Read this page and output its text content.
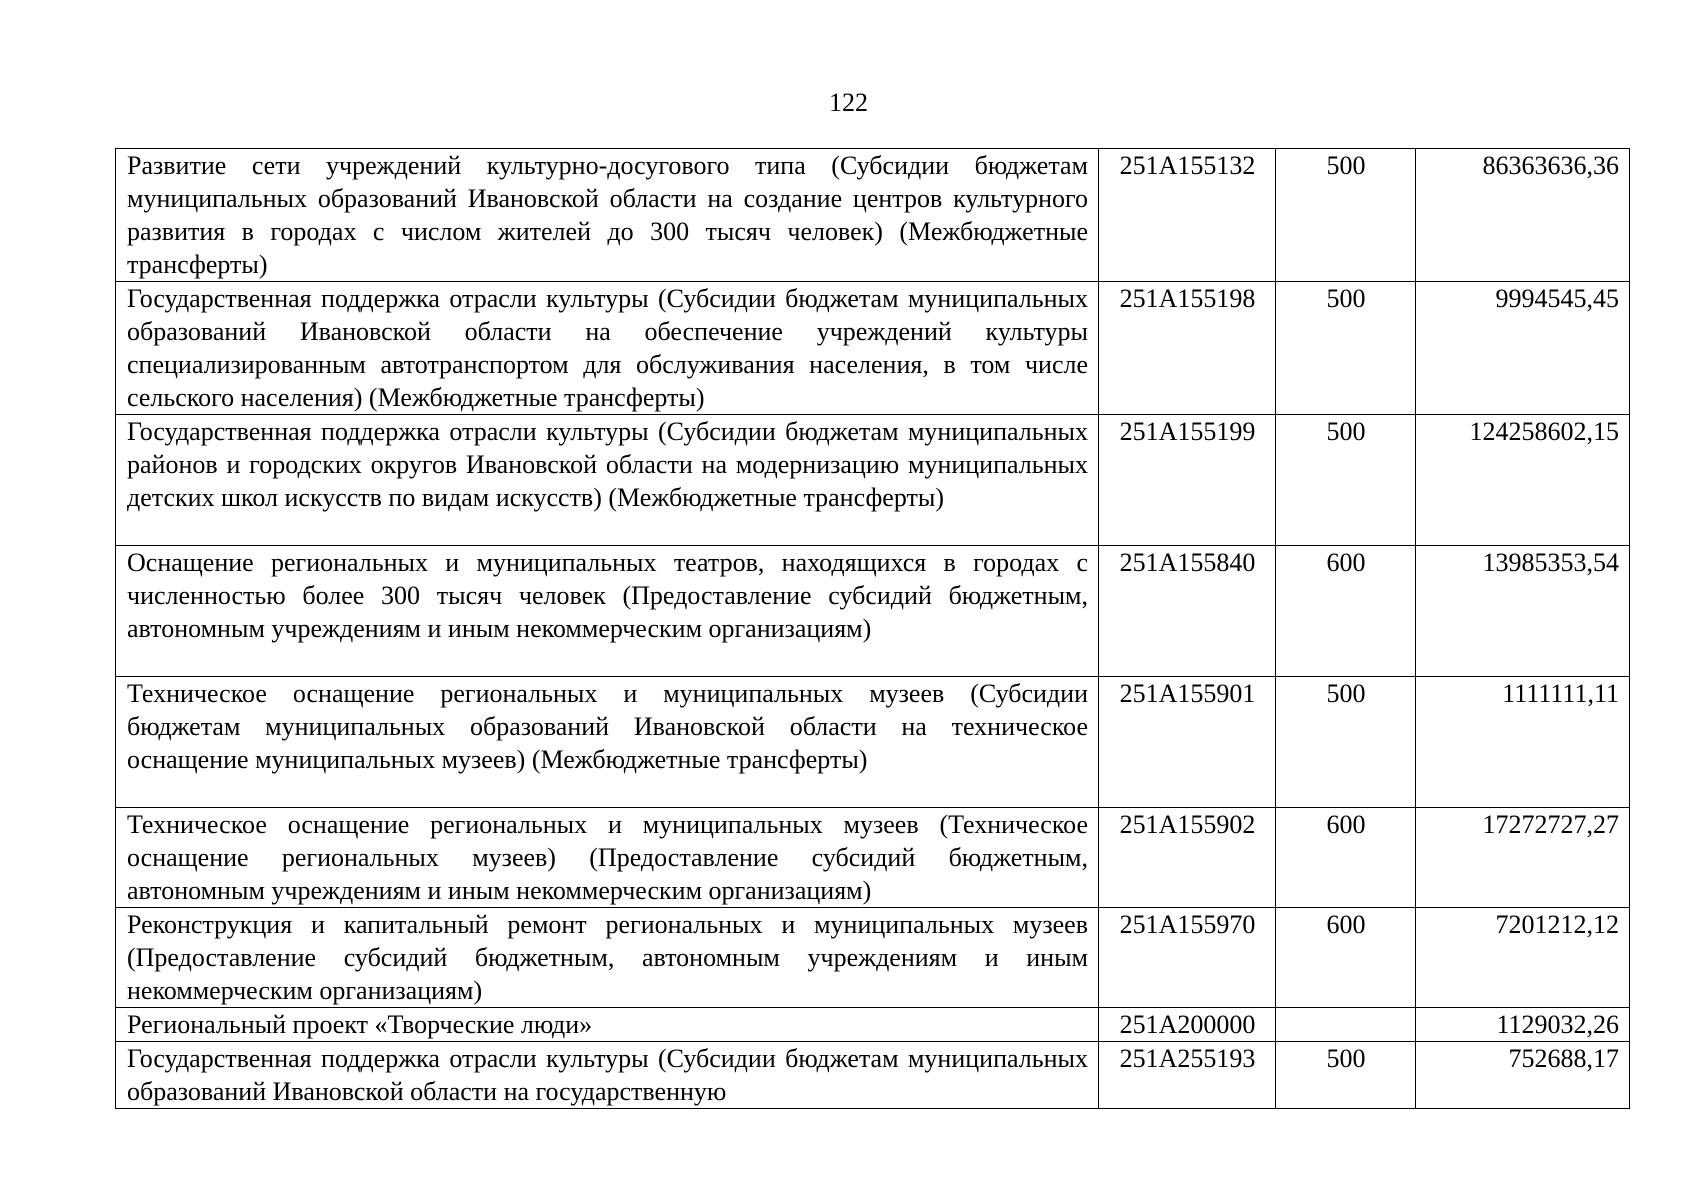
122
Развитие сети учреждений культурно-досугового типа (Субсидии бюджетам муниципальных образований Ивановской области на создание центров культурного развития в городах с числом жителей до 300 тысяч человек) (Межбюджетные трансферты)	251А155132	500	86363636,36
Государственная поддержка отрасли культуры (Субсидии бюджетам муниципальных образований Ивановской области на обеспечение учреждений культуры специализированным автотранспортом для обслуживания населения, в том числе сельского населения) (Межбюджетные трансферты)	251А155198	500	9994545,45
Государственная поддержка отрасли культуры (Субсидии бюджетам муниципальных районов и городских округов Ивановской области на модернизацию муниципальных детских школ искусств по видам искусств) (Межбюджетные трансферты)	251А155199	500	124258602,15
Оснащение региональных и муниципальных театров, находящихся в городах с численностью более 300 тысяч человек (Предоставление субсидий бюджетным, автономным учреждениям и иным некоммерческим организациям)	251А155840	600	13985353,54
Техническое оснащение региональных и муниципальных музеев (Субсидии бюджетам муниципальных образований Ивановской области на техническое оснащение муниципальных музеев) (Межбюджетные трансферты)	251А155901	500	1111111,11
Техническое оснащение региональных и муниципальных музеев (Техническое оснащение региональных музеев) (Предоставление субсидий бюджетным, автономным учреждениям и иным некоммерческим организациям)	251А155902	600	17272727,27
Реконструкция и капитальный ремонт региональных и муниципальных музеев (Предоставление субсидий бюджетным, автономным учреждениям и иным некоммерческим организациям)	251А155970	600	7201212,12
Региональный проект «Творческие люди»	251А200000		1129032,26
Государственная поддержка отрасли культуры (Субсидии бюджетам муниципальных образований Ивановской области на государственную	251А255193	500	752688,17
